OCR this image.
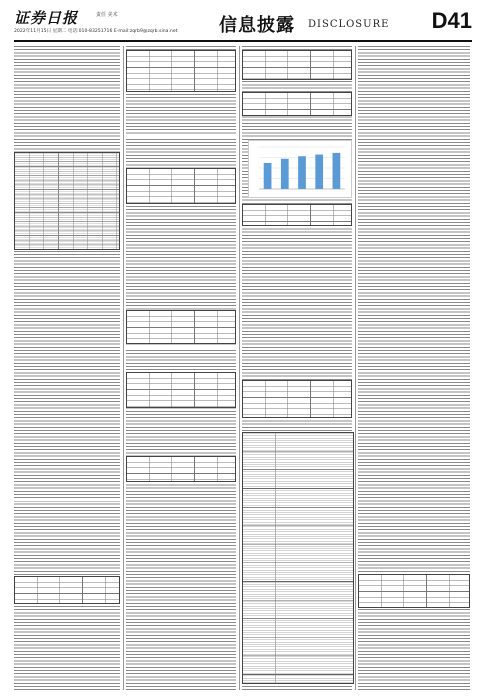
证券日报	责任 美术
2022年11月15日 星期二 电话:010-83251716 E-mail:zqrb9@zqrb.sina.net 信息披露 DISCLOSURE D41
